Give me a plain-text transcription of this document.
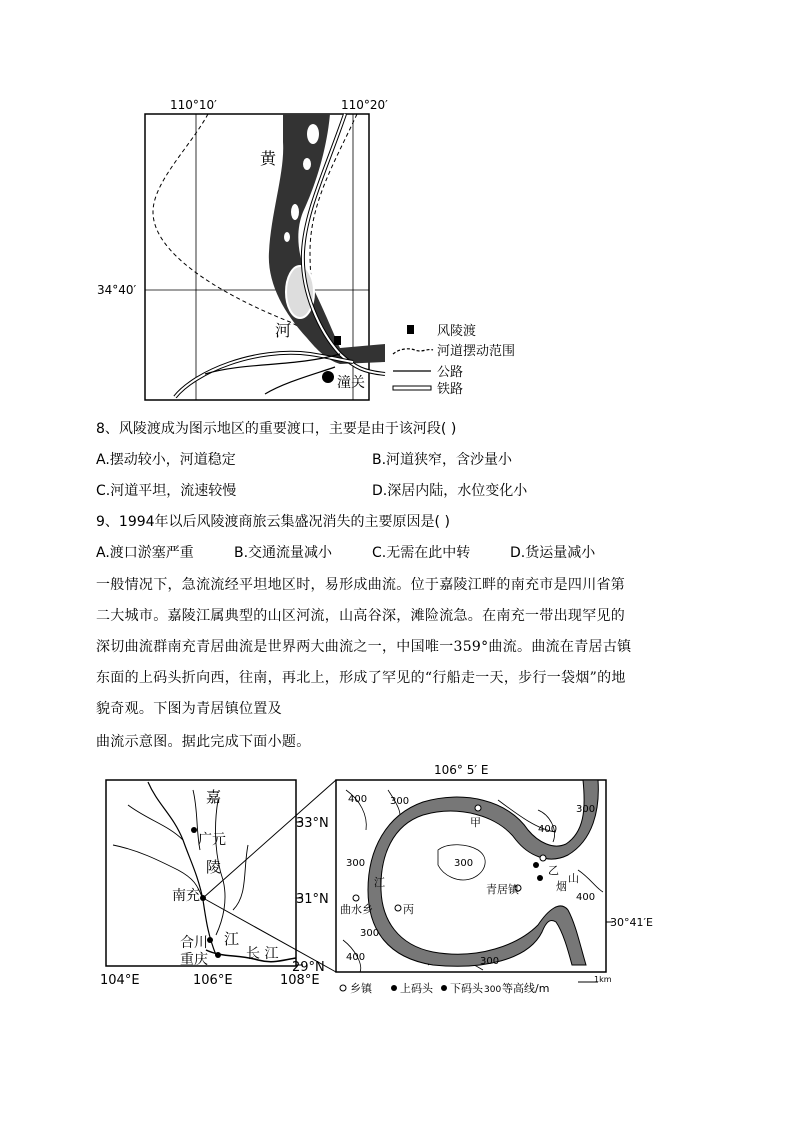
110°10′	110°20′
34°40′
黄
河
潼关
风陵渡
河道摆动范围
公路
铁路
8、风陵渡成为图示地区的重要渡口，主要是由于该河段( )
A.摆动较小，河道稳定	B.河道狭窄，含沙量小
C.河道平坦，流速较慢	D.深居内陆，水位变化小
9、1994年以后风陵渡商旅云集盛况消失的主要原因是( )
A.渡口淤塞严重	B.交通流量减小	C.无需在此中转	D.货运量减小
一般情况下，急流流经平坦地区时，易形成曲流。位于嘉陵江畔的南充市是四川省第
二大城市。嘉陵江属典型的山区河流，山高谷深，滩险流急。在南充一带出现罕见的
深切曲流群南充青居曲流是世界两大曲流之一，中国唯一359°曲流。曲流在青居古镇
东面的上码头折向西，往南，再北上，形成了罕见的“行船走一天，步行一袋烟”的地
貌奇观。下图为青居镇位置及
曲流示意图。据此完成下面小题。
嘉
广元
陵
南充
合川 江
重庆	长 江
33°N
31°N
29°N
104°E	106°E	108°E
106° 5′ E
30°41′E
400 300
300	300
400
300
400
400
300
300
甲
乙
青居镇
曲水乡	丙
烟
山
江
1km
乡镇	上码头 下码头 300 等高线/m
